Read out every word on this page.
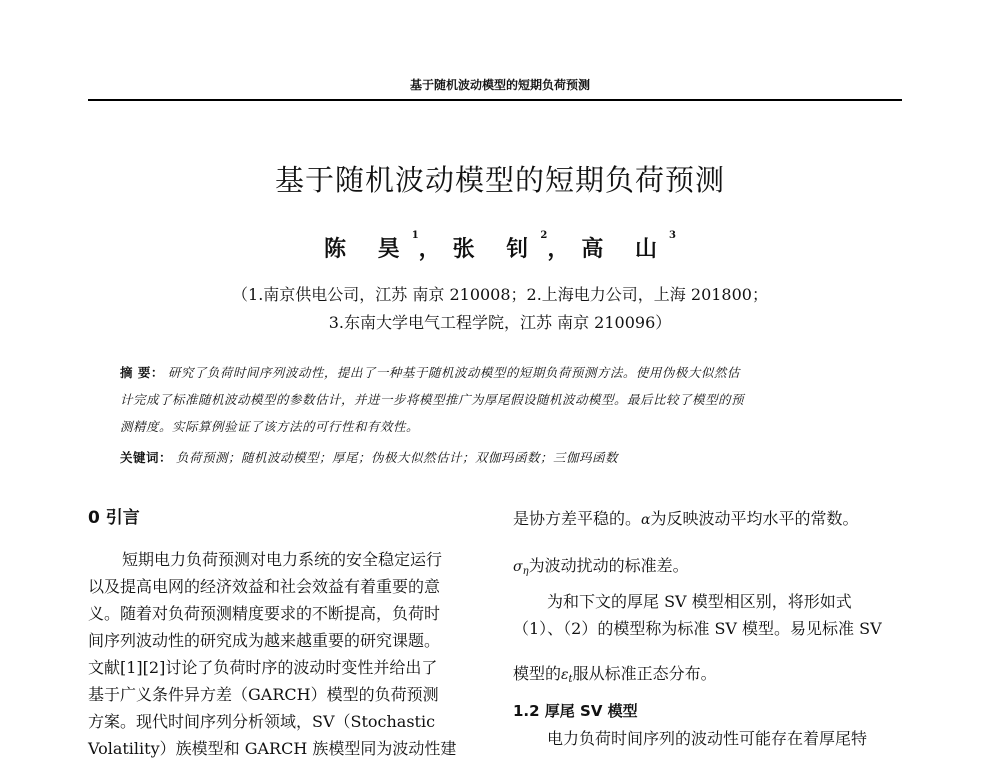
基于随机波动模型的短期负荷预测
基于随机波动模型的短期负荷预测
陈 昊$^1$，张 钊$^2$，高 山$^3$
（1.南京供电公司，江苏 南京 210008；2.上海电力公司，上海 201800；
3.东南大学电气工程学院，江苏 南京 210096）
摘 要： 研究了负荷时间序列波动性，提出了一种基于随机波动模型的短期负荷预测方法。使用伪极大似然估
计完成了标准随机波动模型的参数估计，并进一步将模型推广为厚尾假设随机波动模型。最后比较了模型的预
测精度。实际算例验证了该方法的可行性和有效性。
关键词： 负荷预测；随机波动模型；厚尾；伪极大似然估计；双伽玛函数；三伽玛函数
0 引言
短期电力负荷预测对电力系统的安全稳定运行
以及提高电网的经济效益和社会效益有着重要的意
义。随着对负荷预测精度要求的不断提高，负荷时
间序列波动性的研究成为越来越重要的研究课题。
文献[1][2]讨论了负荷时序的波动时变性并给出了
基于广义条件异方差（GARCH）模型的负荷预测
方案。现代时间序列分析领域，SV（Stochastic
Volatility）族模型和 GARCH 族模型同为波动性建
是协方差平稳的。α为反映波动平均水平的常数。
ση为波动扰动的标准差。
为和下文的厚尾 SV 模型相区别，将形如式
（1）、（2）的模型称为标准 SV 模型。易见标准 SV
模型的εt服从标准正态分布。
1.2 厚尾 SV 模型
电力负荷时间序列的波动性可能存在着厚尾特
